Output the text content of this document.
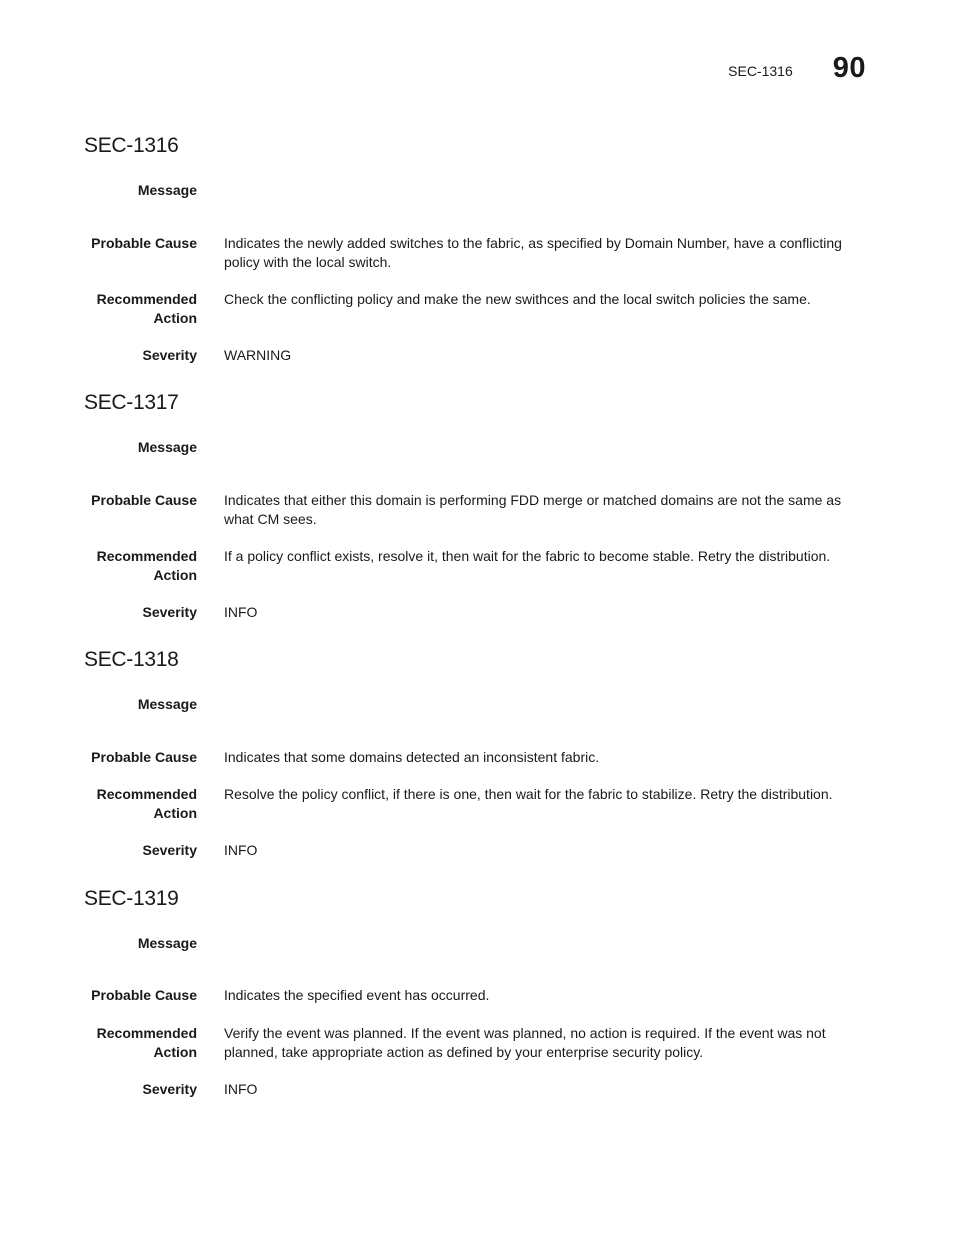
SEC-1316 90
SEC-1316
Message
Probable Cause Indicates the newly added switches to the fabric, as specified by Domain Number, have a conflicting policy with the local switch.
Recommended
Action
Check the conflicting policy and make the new swithces and the local switch policies the same.
Severity WARNING
SEC-1317
Message
Probable Cause Indicates that either this domain is performing FDD merge or matched domains are not the same as what CM sees.
Recommended
Action
If a policy conflict exists, resolve it, then wait for the fabric to become stable. Retry the distribution.
Severity INFO
SEC-1318
Message
Probable Cause Indicates that some domains detected an inconsistent fabric.
Recommended
Action
Resolve the policy conflict, if there is one, then wait for the fabric to stabilize. Retry the distribution.
Severity INFO
SEC-1319
Message
Probable Cause Indicates the specified event has occurred.
Recommended
Action
Verify the event was planned. If the event was planned, no action is required. If the event was not planned, take appropriate action as defined by your enterprise security policy.
Severity INFO
